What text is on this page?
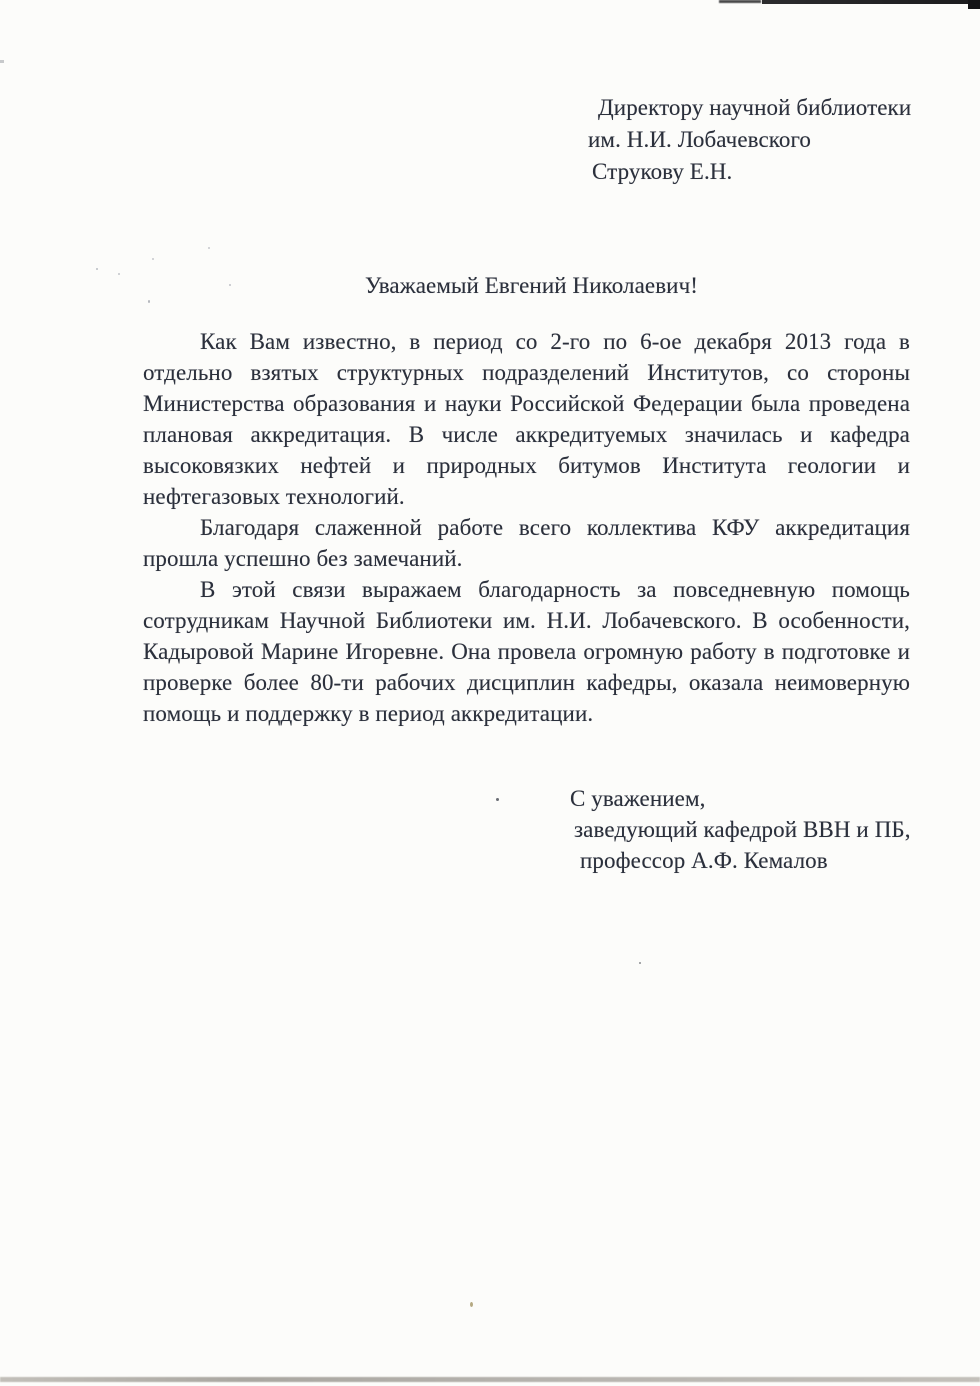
Директору научной библиотеки
им. Н.И. Лобачевского
Струкову Е.Н.
Уважаемый Евгений Николаевич!
Как Вам известно, в период со 2-го по 6-ое декабря 2013 года в
отдельно взятых структурных подразделений Институтов, со стороны
Министерства образования и науки Российской Федерации была проведена
плановая аккредитация. В числе аккредитуемых значилась и кафедра
высоковязких нефтей и природных битумов Института геологии и
нефтегазовых технологий.
Благодаря слаженной работе всего коллектива КФУ аккредитация
прошла успешно без замечаний.
В этой связи выражаем благодарность за повседневную помощь
сотрудникам Научной Библиотеки им. Н.И. Лобачевского. В особенности,
Кадыровой Марине Игоревне. Она провела огромную работу в подготовке и
проверке более 80-ти рабочих дисциплин кафедры, оказала неимоверную
помощь и поддержку в период аккредитации.
С уважением,
заведующий кафедрой ВВН и ПБ,
профессор А.Ф. Кемалов
